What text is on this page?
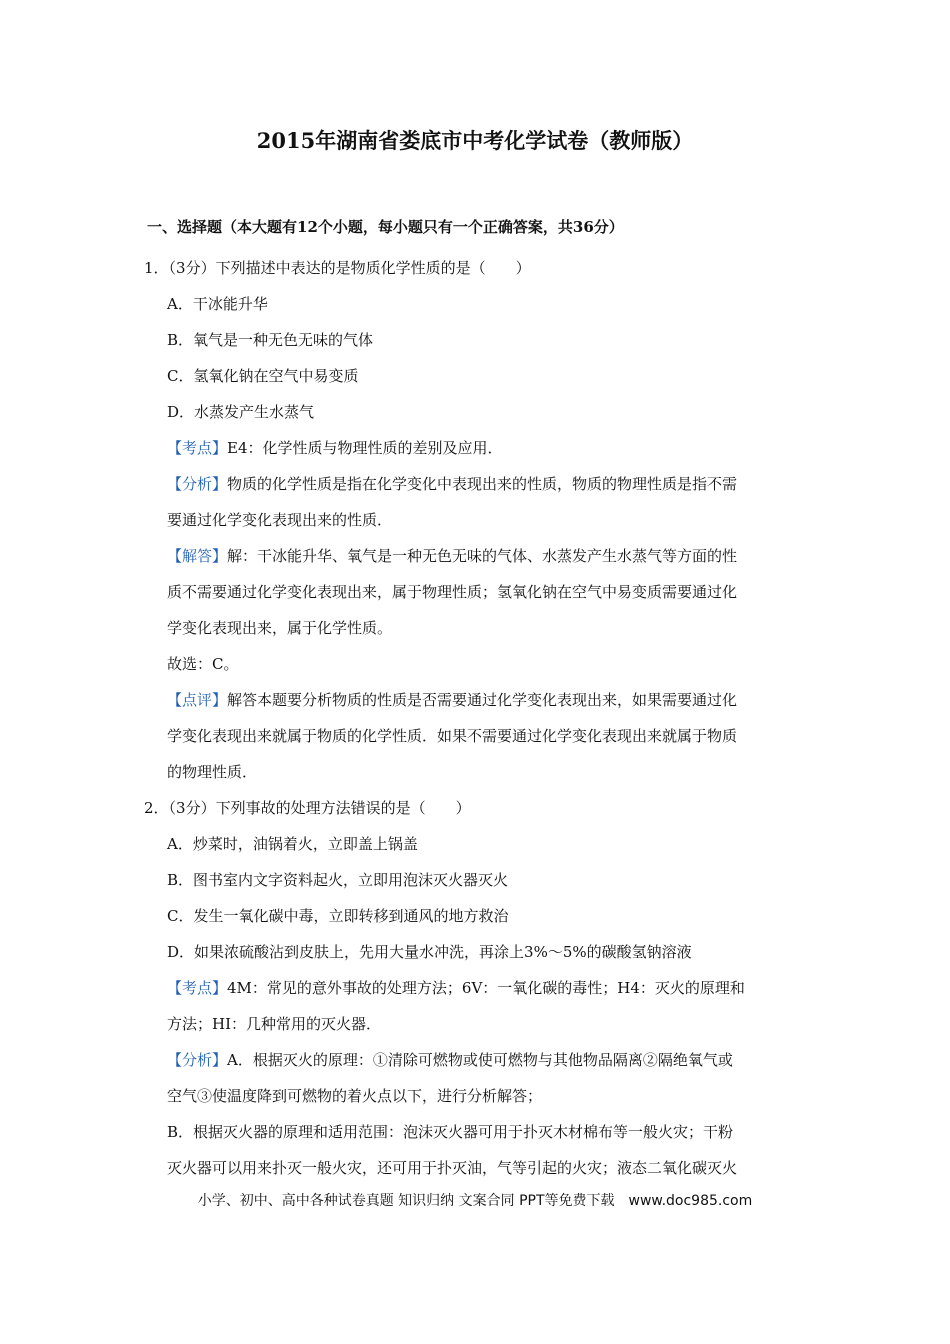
2015年湖南省娄底市中考化学试卷（教师版）
一、选择题（本大题有12个小题，每小题只有一个正确答案，共36分）
1．（3分）下列描述中表达的是物质化学性质的是（　　）
A．干冰能升华
B．氧气是一种无色无味的气体
C．氢氧化钠在空气中易变质
D．水蒸发产生水蒸气
【考点】E4：化学性质与物理性质的差别及应用．
【分析】物质的化学性质是指在化学变化中表现出来的性质，物质的物理性质是指不需
要通过化学变化表现出来的性质．
【解答】解：干冰能升华、氧气是一种无色无味的气体、水蒸发产生水蒸气等方面的性
质不需要通过化学变化表现出来，属于物理性质；氢氧化钠在空气中易变质需要通过化
学变化表现出来，属于化学性质。
故选：C。
【点评】解答本题要分析物质的性质是否需要通过化学变化表现出来，如果需要通过化
学变化表现出来就属于物质的化学性质．如果不需要通过化学变化表现出来就属于物质
的物理性质．
2．（3分）下列事故的处理方法错误的是（　　）
A．炒菜时，油锅着火，立即盖上锅盖
B．图书室内文字资料起火，立即用泡沫灭火器灭火
C．发生一氧化碳中毒，立即转移到通风的地方救治
D．如果浓硫酸沾到皮肤上，先用大量水冲洗，再涂上3%～5%的碳酸氢钠溶液
【考点】4M：常见的意外事故的处理方法；6V：一氧化碳的毒性；H4：灭火的原理和
方法；HI：几种常用的灭火器．
【分析】A．根据灭火的原理：①清除可燃物或使可燃物与其他物品隔离②隔绝氧气或
空气③使温度降到可燃物的着火点以下，进行分析解答；
B．根据灭火器的原理和适用范围：泡沫灭火器可用于扑灭木材棉布等一般火灾；干粉
灭火器可以用来扑灭一般火灾，还可用于扑灭油，气等引起的火灾；液态二氧化碳灭火
小学、初中、高中各种试卷真题 知识归纳 文案合同 PPT等免费下载　www.doc985.com
